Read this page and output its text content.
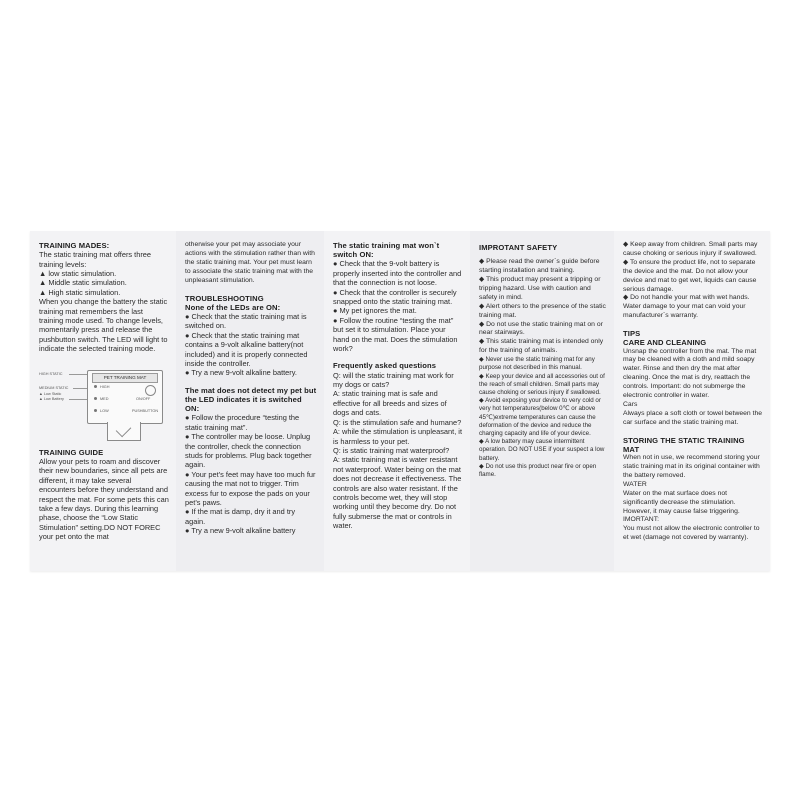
TRAINING MADES:

The static training mat offers three training levels:

▲ low static simulation.

▲ Middle static simulation.

▲ High static simulation.

When you change the battery the static training mat remembers the last training mode used. To change levels, momentarily press and release the pushbutton switch. The LED will light to indicate the selected training mode.

HIGH STATIC
MEDIUM STATIC
▲ Low Static
▲ Low Battery
PET TRAINING MAT
HIGH
MED
LOW
ON/OFF
PUSHBUTTON
TRAINING GUIDE

Allow your pets to roam and discover their new boundaries, since all pets are different, it may take several encounters before they understand and respect the mat. For some pets this can take a few days. During this learning phase, choose the “Low Static Stimulation” setting.DO NOT FOREC your pet onto the mat

otherwise your pet may associate your actions with the stimulation rather than with the static training mat. Your pet must learn to associate the static training mat with the unpleasant stimulation.

TROUBLESHOOTING
None of the LEDs are ON:

● Check that the static training mat is switched on.

● Check that the static training mat contains a 9-volt alkaline battery(not included) and it is properly connected inside the controller.

● Try a new 9-volt alkaline battery.

The mat does not detect my pet but the LED indicates it is switched ON:

● Follow the procedure “testing the static training mat”.

● The controller may be loose. Unplug the controller, check the connection studs for problems. Plug back together again.

● Your pet’s feet may have too much fur causing the mat not to trigger. Trim excess fur to expose the pads on your pet’s paws.

● If the mat is damp, dry it and try again.

● Try a new 9-volt alkaline battery

The static training mat won`t switch ON:

● Check that the 9-volt battery is properly inserted into the controller and that the connection is not loose.

● Check that the controller is securely snapped onto the static training mat.

● My pet ignores the mat.

● Follow the routine “testing the mat” but set it to stimulation. Place your hand on the mat. Does the stimulation work?

Frequently asked questions

Q: will the static training mat work for my dogs or cats?

A: static training mat is safe and effective for all breeds and sizes of dogs and cats.

Q: is the stimulation safe and humane?

A: while the stimulation is unpleasant, it is harmless to your pet.

Q: is static training mat waterproof?

A: static training mat is water resistant not waterproof. Water being on the mat does not decrease it effectiveness. The controls are also water resistant. If the controls become wet, they will stop working until they become dry. Do not fully submerse the mat or controls in water.

IMPROTANT SAFETY

◆ Please read the owner`s guide before starting installation and training.

◆ This product may present a tripping or tripping hazard. Use with caution and safety in mind.

◆ Alert others to the presence of the static training mat.

◆ Do not use the static training mat on or near stairways.

◆ This static training mat is intended only for the training of animals.

◆ Never use the static training mat for any purpose not described in this manual.

◆ Keep your device and all accessories out of the reach of small children. Small parts may cause choking or serious injury if swallowed.

◆ Avoid exposing your device to very cold or very hot temperatures(below 0℃ or above 45℃)extreme temperatures can cause the deformation of the device and reduce the charging capacity and life of your device.

◆ A low battery may cause intermittent operation. DO NOT USE if your suspect a low battery.

◆ Do not use this product near fire or open flame.

◆ Keep away from children. Small parts may cause choking or serious injury if swallowed.

◆ To ensure the product life, not to separate the device and the mat. Do not allow your device and mat to get wet, liquids can cause serious damage.

◆ Do not handle your mat with wet hands. Water damage to your mat can void your manufacturer`s warranty.

TIPS
CARE AND CLEANING

Unsnap the controller from the mat. The mat may be cleaned with a cloth and mild soapy water. Rinse and then dry the mat after cleaning. Once the mat is dry, reattach the controls. Important: do not submerge the electronic controller in water.

Cars

Always place a soft cloth or towel between the car surface and the static training mat.

STORING THE STATIC TRAINING MAT

When not in use, we recommend storing your static training mat in its original container with the battery removed.

WATER

Water on the mat surface does not significantly decrease the stimulation. However, it may cause false triggering.

IMORTANT:

You must not allow the electronic controller to et wet (damage not covered by warranty).
